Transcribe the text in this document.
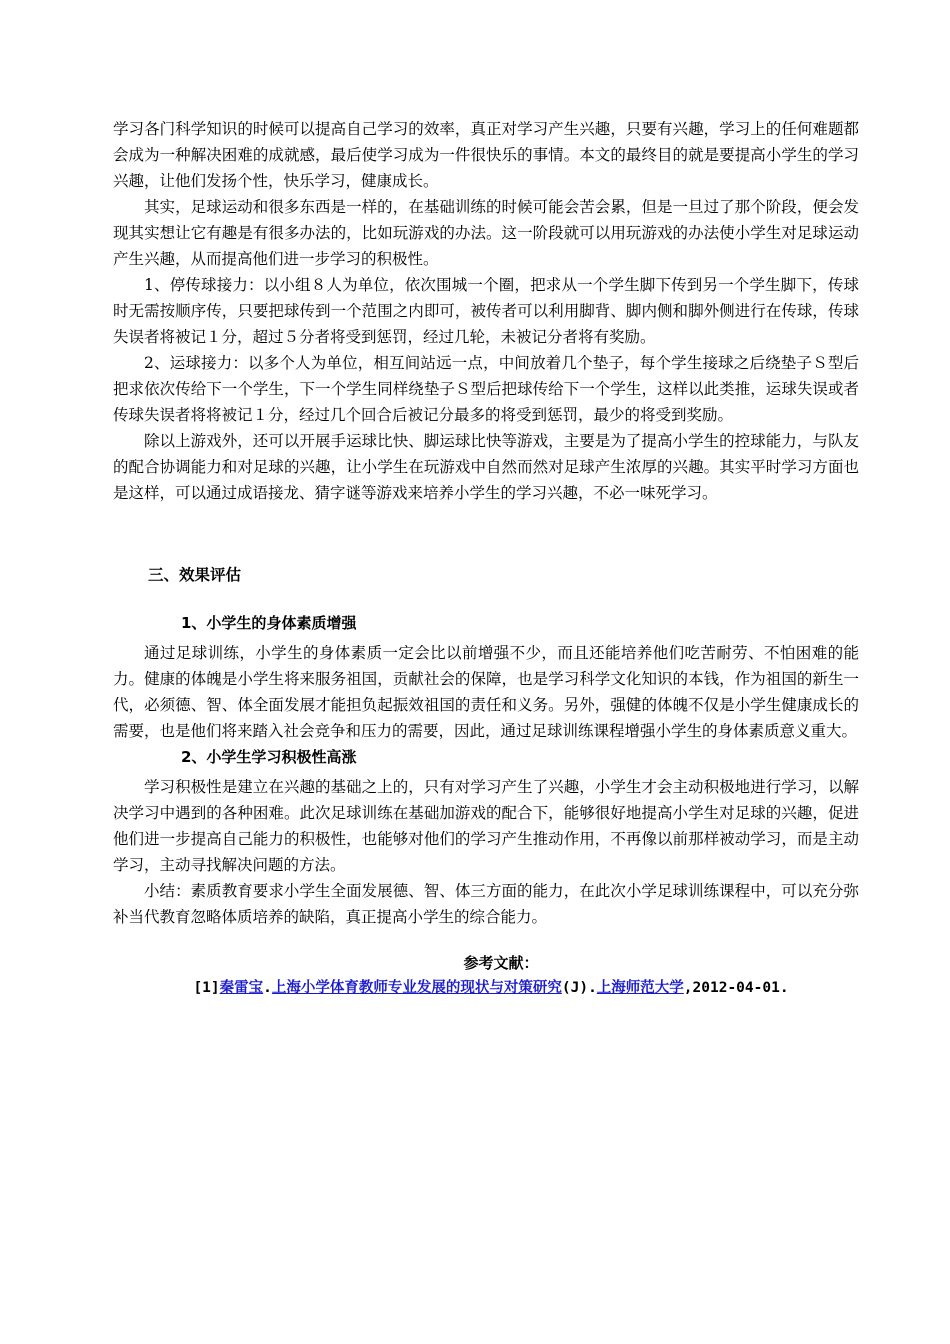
学习各门科学知识的时候可以提高自己学习的效率，真正对学习产生兴趣，只要有兴趣，学习上的任何难题都会成为一种解决困难的成就感，最后使学习成为一件很快乐的事情。本文的最终目的就是要提高小学生的学习兴趣，让他们发扬个性，快乐学习，健康成长。

其实，足球运动和很多东西是一样的，在基础训练的时候可能会苦会累，但是一旦过了那个阶段，便会发现其实想让它有趣是有很多办法的，比如玩游戏的办法。这一阶段就可以用玩游戏的办法使小学生对足球运动产生兴趣，从而提高他们进一步学习的积极性。

1、停传球接力：以小组８人为单位，依次围城一个圈，把求从一个学生脚下传到另一个学生脚下，传球时无需按顺序传，只要把球传到一个范围之内即可，被传者可以利用脚背、脚内侧和脚外侧进行在传球，传球失误者将被记１分，超过５分者将受到惩罚，经过几轮，未被记分者将有奖励。

2、运球接力：以多个人为单位，相互间站远一点，中间放着几个垫子，每个学生接球之后绕垫子Ｓ型后把求依次传给下一个学生，下一个学生同样绕垫子Ｓ型后把球传给下一个学生，这样以此类推，运球失误或者传球失误者将将被记１分，经过几个回合后被记分最多的将受到惩罚，最少的将受到奖励。

除以上游戏外，还可以开展手运球比快、脚运球比快等游戏，主要是为了提高小学生的控球能力，与队友的配合协调能力和对足球的兴趣，让小学生在玩游戏中自然而然对足球产生浓厚的兴趣。其实平时学习方面也是这样，可以通过成语接龙、猜字谜等游戏来培养小学生的学习兴趣，不必一味死学习。

三、效果评估
1、小学生的身体素质增强

通过足球训练，小学生的身体素质一定会比以前增强不少，而且还能培养他们吃苦耐劳、不怕困难的能力。健康的体魄是小学生将来服务祖国，贡献社会的保障，也是学习科学文化知识的本钱，作为祖国的新生一代，必须德、智、体全面发展才能担负起振效祖国的责任和义务。另外，强健的体魄不仅是小学生健康成长的需要，也是他们将来踏入社会竞争和压力的需要，因此，通过足球训练课程增强小学生的身体素质意义重大。

2、小学生学习积极性高涨

学习积极性是建立在兴趣的基础之上的，只有对学习产生了兴趣，小学生才会主动积极地进行学习，以解决学习中遇到的各种困难。此次足球训练在基础加游戏的配合下，能够很好地提高小学生对足球的兴趣，促进他们进一步提高自己能力的积极性，也能够对他们的学习产生推动作用，不再像以前那样被动学习，而是主动学习，主动寻找解决问题的方法。

小结：素质教育要求小学生全面发展德、智、体三方面的能力，在此次小学足球训练课程中，可以充分弥补当代教育忽略体质培养的缺陷，真正提高小学生的综合能力。

参考文献：
[1]秦雷宝.上海小学体育教师专业发展的现状与对策研究(J).上海师范大学,2012-04-01.
